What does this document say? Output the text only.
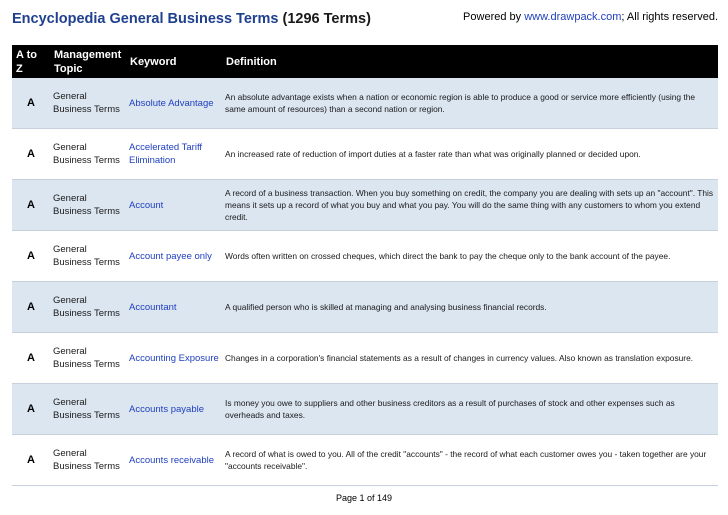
Encyclopedia General Business Terms (1296 Terms)	Powered by www.drawpack.com; All rights reserved.
A to Z	Management Topic	Keyword	Definition
A	General Business Terms	Absolute Advantage	An absolute advantage exists when a nation or economic region is able to produce a good or service more efficiently (using the same amount of resources) than a second nation or region.
A	General Business Terms	Accelerated Tariff Elimination	An increased rate of reduction of import duties at a faster rate than what was originally planned or decided upon.
A	General Business Terms	Account	A record of a business transaction. When you buy something on credit, the company you are dealing with sets up an "account". This means it sets up a record of what you buy and what you pay. You will do the same thing with any customers to whom you extend credit.
A	General Business Terms	Account payee only	Words often written on crossed cheques, which direct the bank to pay the cheque only to the bank account of the payee.
A	General Business Terms	Accountant	A qualified person who is skilled at managing and analysing business financial records.
A	General Business Terms	Accounting Exposure	Changes in a corporation's financial statements as a result of changes in currency values. Also known as translation exposure.
A	General Business Terms	Accounts payable	Is money you owe to suppliers and other business creditors as a result of purchases of stock and other expenses such as overheads and taxes.
A	General Business Terms	Accounts receivable	A record of what is owed to you. All of the credit "accounts" - the record of what each customer owes you - taken together are your "accounts receivable".
Page 1 of 149
